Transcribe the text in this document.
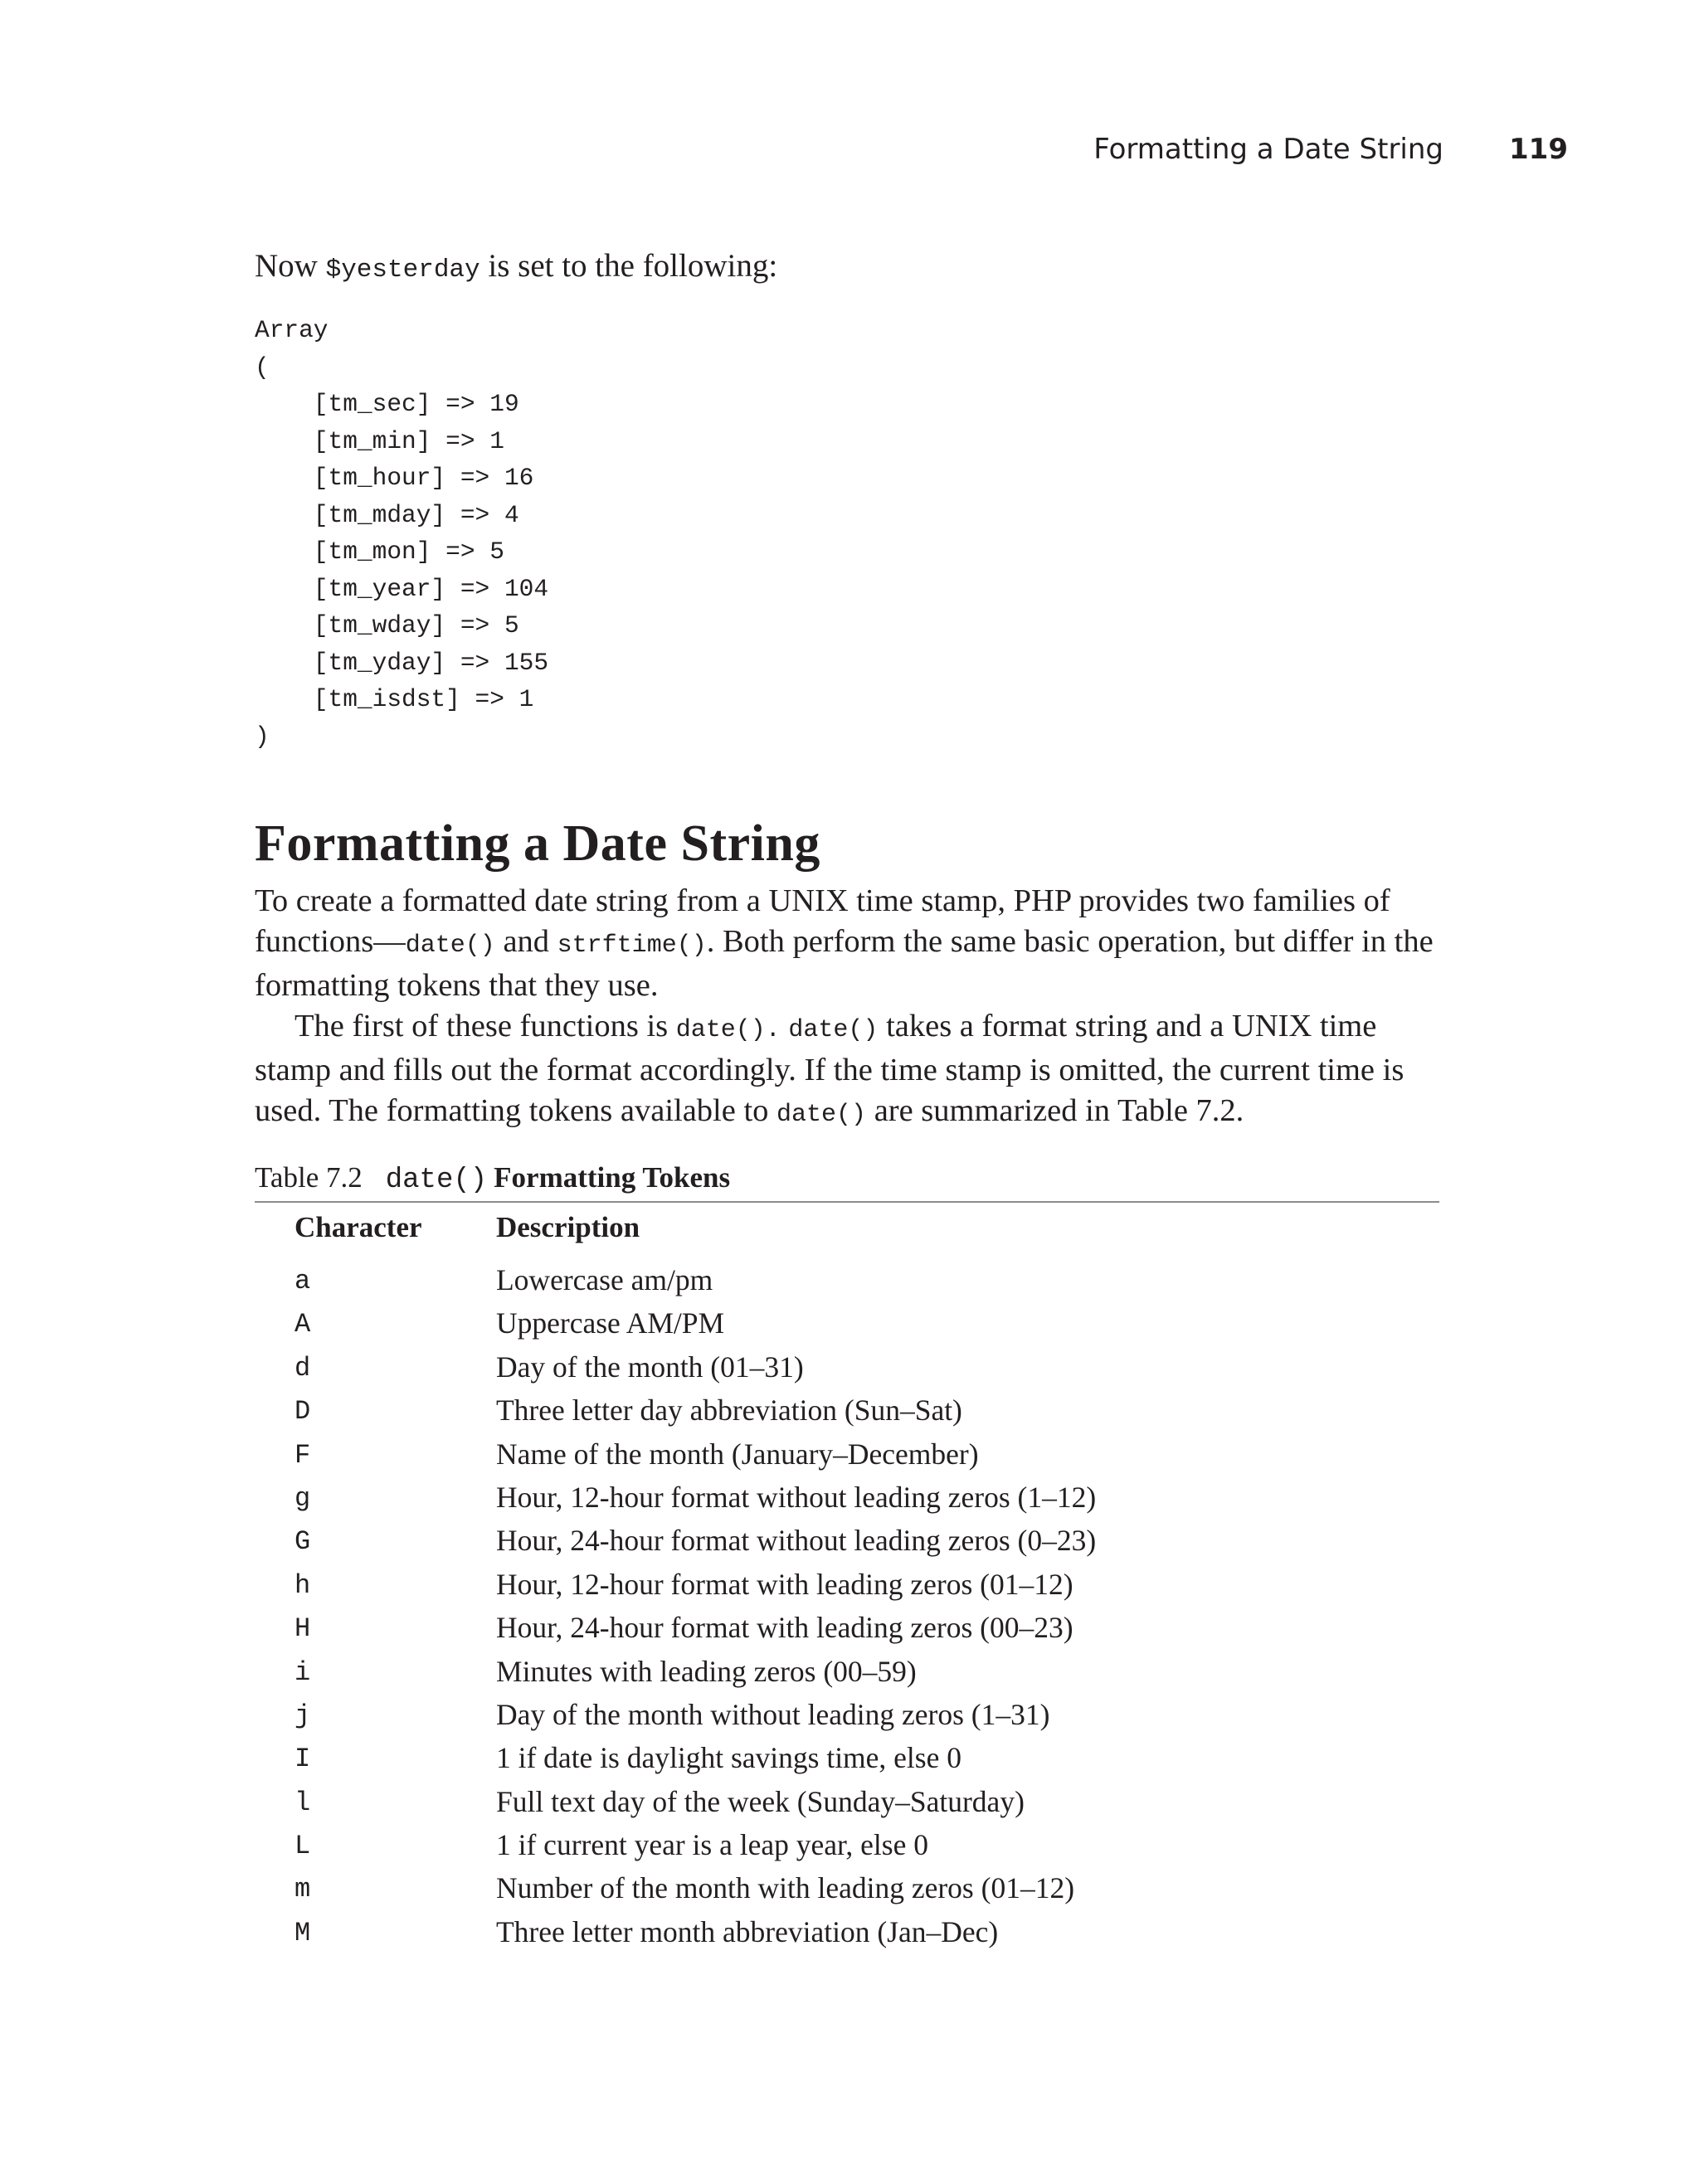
Formatting a Date String 119
Now $yesterday is set to the following:
Array
(
[tm_sec] => 19
[tm_min] => 1
[tm_hour] => 16
[tm_mday] => 4
[tm_mon] => 5
[tm_year] => 104
[tm_wday] => 5
[tm_yday] => 155
[tm_isdst] => 1
)
Formatting a Date String

To create a formatted date string from a UNIX time stamp, PHP provides two families of functions—date() and strftime(). Both perform the same basic operation, but differ in the formatting tokens that they use.

The first of these functions is date(). date() takes a format string and a UNIX time stamp and fills out the format accordingly. If the time stamp is omitted, the current time is used. The formatting tokens available to date() are summarized in Table 7.2.

Table 7.2 date() Formatting Tokens
Character	Description
a	Lowercase am/pm
A	Uppercase AM/PM
d	Day of the month (01–31)
D	Three letter day abbreviation (Sun–Sat)
F	Name of the month (January–December)
g	Hour, 12-hour format without leading zeros (1–12)
G	Hour, 24-hour format without leading zeros (0–23)
h	Hour, 12-hour format with leading zeros (01–12)
H	Hour, 24-hour format with leading zeros (00–23)
i	Minutes with leading zeros (00–59)
j	Day of the month without leading zeros (1–31)
I	1 if date is daylight savings time, else 0
l	Full text day of the week (Sunday–Saturday)
L	1 if current year is a leap year, else 0
m	Number of the month with leading zeros (01–12)
M	Three letter month abbreviation (Jan–Dec)
